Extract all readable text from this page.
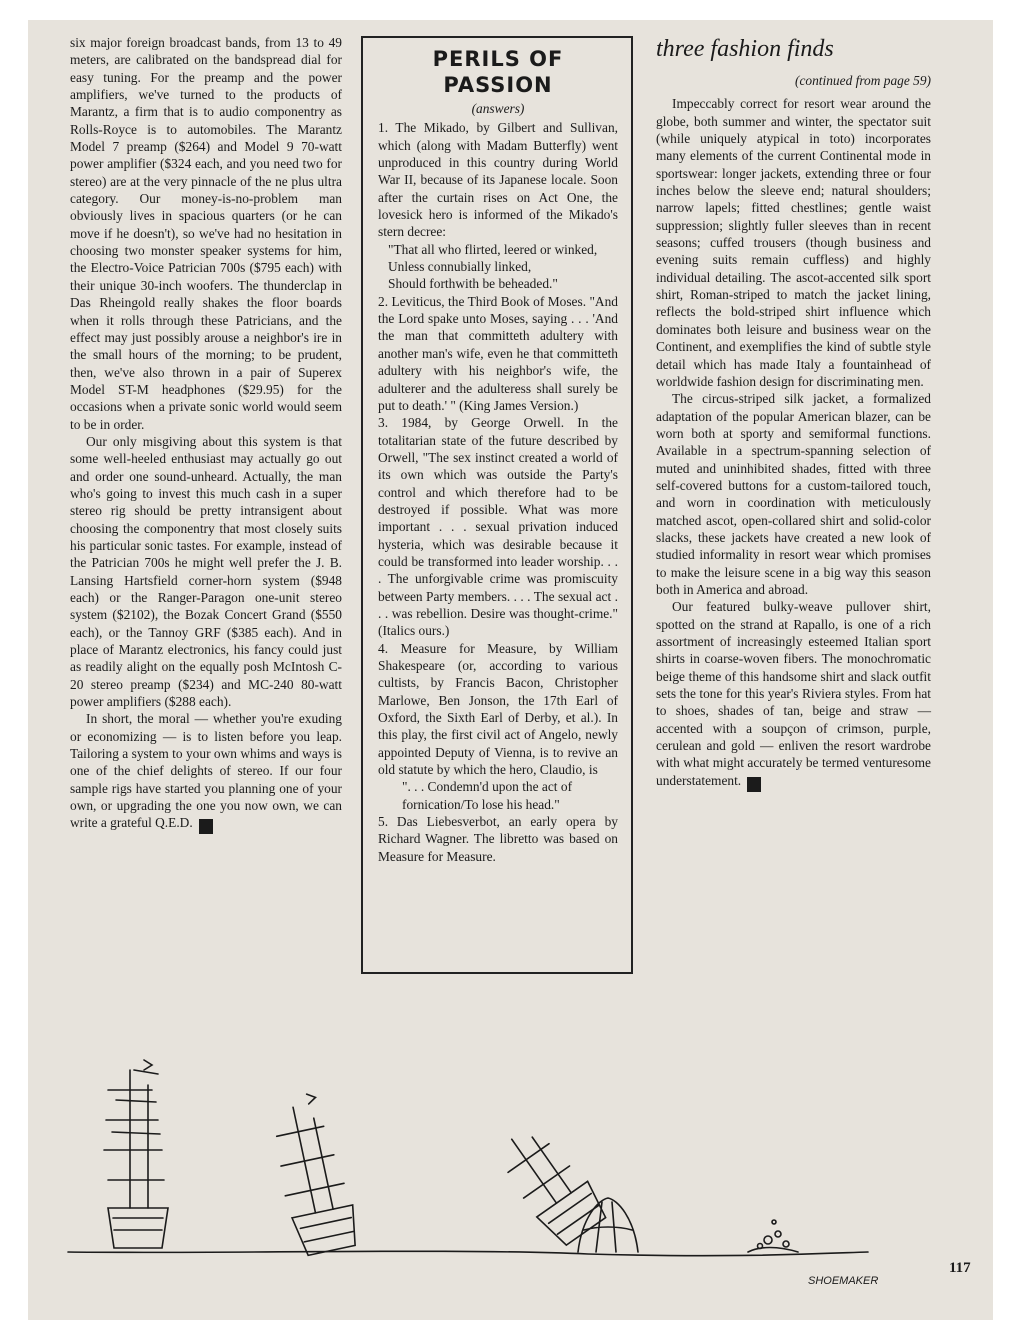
six major foreign broadcast bands, from 13 to 49 meters, are calibrated on the bandspread dial for easy tuning. For the preamp and the power amplifiers, we've turned to the products of Marantz, a firm that is to audio componentry as Rolls-Royce is to automobiles. The Marantz Model 7 preamp ($264) and Model 9 70-watt power amplifier ($324 each, and you need two for stereo) are at the very pinnacle of the ne plus ultra category. Our money-is-no-problem man obviously lives in spacious quarters (or he can move if he doesn't), so we've had no hesitation in choosing two monster speaker systems for him, the Electro-Voice Patrician 700s ($795 each) with their unique 30-inch woofers. The thunderclap in Das Rheingold really shakes the floor boards when it rolls through these Patricians, and the effect may just possibly arouse a neighbor's ire in the small hours of the morning; to be prudent, then, we've also thrown in a pair of Superex Model ST-M headphones ($29.95) for the occasions when a private sonic world would seem to be in order.

Our only misgiving about this system is that some well-heeled enthusiast may actually go out and order one sound-unheard. Actually, the man who's going to invest this much cash in a super stereo rig should be pretty intransigent about choosing the componentry that most closely suits his particular sonic tastes. For example, instead of the Patrician 700s he might well prefer the J. B. Lansing Hartsfield corner-horn system ($948 each) or the Ranger-Paragon one-unit stereo system ($2102), the Bozak Concert Grand ($550 each), or the Tannoy GRF ($385 each). And in place of Marantz electronics, his fancy could just as readily alight on the equally posh McIntosh C-20 stereo preamp ($234) and MC-240 80-watt power amplifiers ($288 each).

In short, the moral — whether you're exuding or economizing — is to listen before you leap. Tailoring a system to your own whims and ways is one of the chief delights of stereo. If our four sample rigs have started you planning one of your own, or upgrading the one you now own, we can write a grateful Q.E.D. ◆

PERILS OF PASSION
(answers)

1. The Mikado, by Gilbert and Sullivan, which (along with Madam Butterfly) went unproduced in this country during World War II, because of its Japanese locale. Soon after the curtain rises on Act One, the lovesick hero is informed of the Mikado's stern decree:

"That all who flirted, leered or winked,

Unless connubially linked,

Should forthwith be beheaded."

2. Leviticus, the Third Book of Moses. "And the Lord spake unto Moses, saying . . . 'And the man that committeth adultery with another man's wife, even he that committeth adultery with his neighbor's wife, the adulterer and the adulteress shall surely be put to death.' " (King James Version.)

3. 1984, by George Orwell. In the totalitarian state of the future described by Orwell, "The sex instinct created a world of its own which was outside the Party's control and which therefore had to be destroyed if possible. What was more important . . . sexual privation induced hysteria, which was desirable because it could be transformed into leader worship. . . . The unforgivable crime was promiscuity between Party members. . . . The sexual act . . . was rebellion. Desire was thought-crime." (Italics ours.)

4. Measure for Measure, by William Shakespeare (or, according to various cultists, by Francis Bacon, Christopher Marlowe, Ben Jonson, the 17th Earl of Oxford, the Sixth Earl of Derby, et al.). In this play, the first civil act of Angelo, newly appointed Deputy of Vienna, is to revive an old statute by which the hero, Claudio, is

". . . Condemn'd upon the act of fornication/To lose his head."

5. Das Liebesverbot, an early opera by Richard Wagner. The libretto was based on Measure for Measure.

three fashion finds
(continued from page 59)

Impeccably correct for resort wear around the globe, both summer and winter, the spectator suit (while uniquely atypical in toto) incorporates many elements of the current Continental mode in sportswear: longer jackets, extending three or four inches below the sleeve end; natural shoulders; narrow lapels; fitted chestlines; gentle waist suppression; slightly fuller sleeves than in recent seasons; cuffed trousers (though business and evening suits remain cuffless) and highly individual detailing. The ascot-accented silk sport shirt, Roman-striped to match the jacket lining, reflects the bold-striped shirt influence which dominates both leisure and business wear on the Continent, and exemplifies the kind of subtle style detail which has made Italy a fountainhead of worldwide fashion design for discriminating men.

The circus-striped silk jacket, a formalized adaptation of the popular American blazer, can be worn both at sporty and semiformal functions. Available in a spectrum-spanning selection of muted and uninhibited shades, fitted with three self-covered buttons for a custom-tailored touch, and worn in coordination with meticulously matched ascot, open-collared shirt and solid-color slacks, these jackets have created a new look of studied informality in resort wear which promises to make the leisure scene in a big way this season both in America and abroad.

Our featured bulky-weave pullover shirt, spotted on the strand at Rapallo, is one of a rich assortment of increasingly esteemed Italian sport shirts in coarse-woven fibers. The monochromatic beige theme of this handsome shirt and slack outfit sets the tone for this year's Riviera styles. From hat to shoes, shades of tan, beige and straw — accented with a soupçon of crimson, purple, cerulean and gold — enliven the resort wardrobe with what might accurately be termed venturesome understatement. ◆

SHOEMAKER
117
